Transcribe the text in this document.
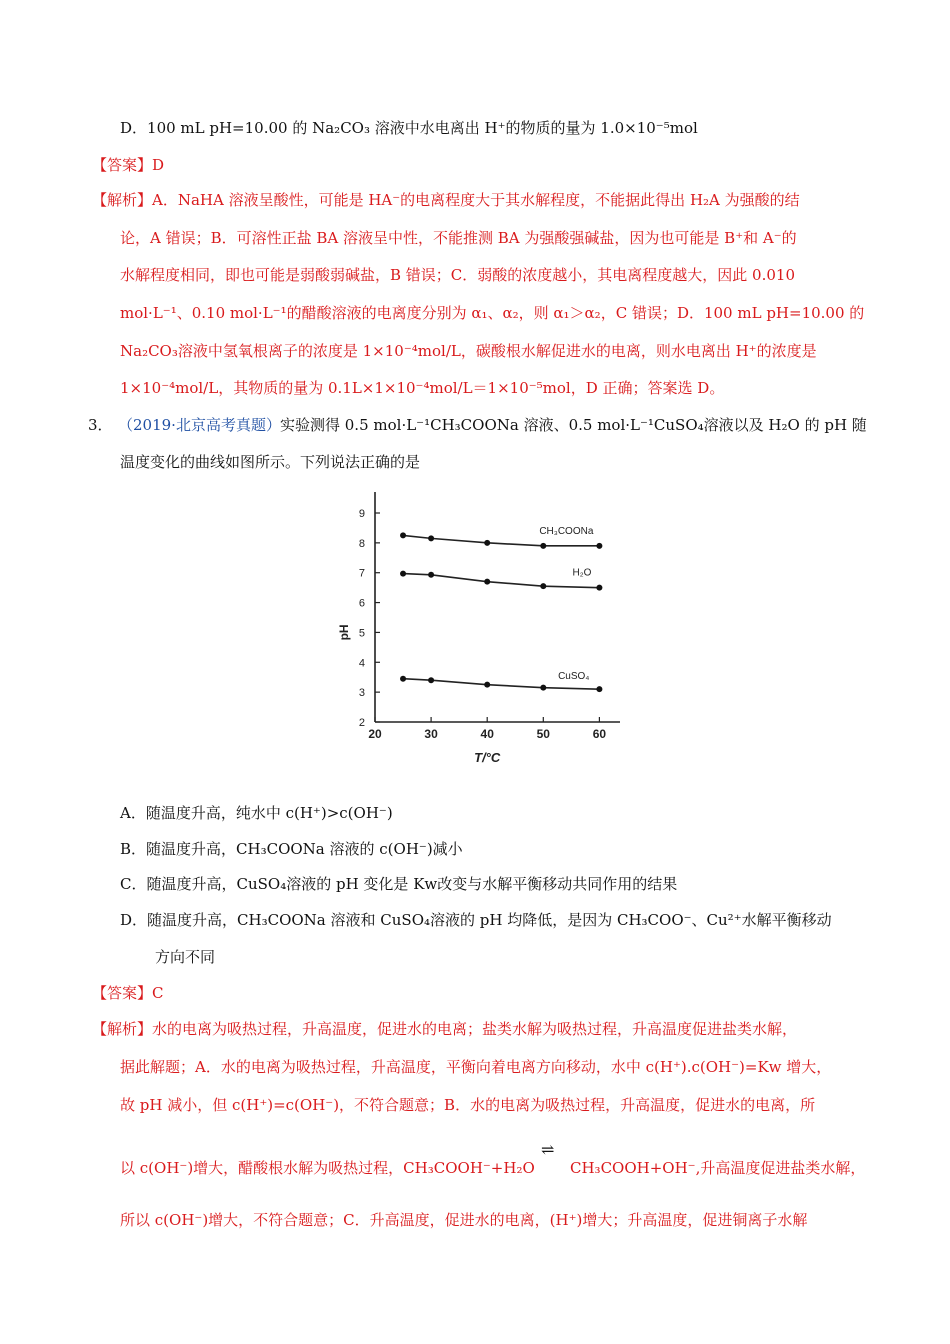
D．100 mL pH=10.00 的 Na₂CO₃ 溶液中水电离出 H⁺的物质的量为 1.0×10⁻⁵mol
【答案】D
【解析】A．NaHA 溶液呈酸性，可能是 HA⁻的电离程度大于其水解程度，不能据此得出 H₂A 为强酸的结
论，A 错误；B．可溶性正盐 BA 溶液呈中性，不能推测 BA 为强酸强碱盐，因为也可能是 B⁺和 A⁻的
水解程度相同，即也可能是弱酸弱碱盐，B 错误；C．弱酸的浓度越小，其电离程度越大，因此 0.010
mol·L⁻¹、0.10 mol·L⁻¹的醋酸溶液的电离度分别为 α₁、α₂，则 α₁＞α₂，C 错误；D．100 mL pH=10.00 的
Na₂CO₃溶液中氢氧根离子的浓度是 1×10⁻⁴mol/L，碳酸根水解促进水的电离，则水电离出 H⁺的浓度是
1×10⁻⁴mol/L，其物质的量为 0.1L×1×10⁻⁴mol/L＝1×10⁻⁵mol，D 正确；答案选 D。
3． （2019·北京高考真题） 实验测得 0.5 mol·L⁻¹CH₃COONa 溶液、0.5 mol·L⁻¹CuSO₄溶液以及 H₂O 的 pH 随
温度变化的曲线如图所示。下列说法正确的是
2
3
4
5
6
7
8
9
20	30	40	50	60
CH₃COONa
H₂O
CuSO₄
pH
T/°C
A．随温度升高，纯水中 c(H⁺)>c(OH⁻)
B．随温度升高，CH₃COONa 溶液的 c(OH⁻)减小
C．随温度升高，CuSO₄溶液的 pH 变化是 Kw改变与水解平衡移动共同作用的结果
D．随温度升高，CH₃COONa 溶液和 CuSO₄溶液的 pH 均降低，是因为 CH₃COO⁻、Cu²⁺水解平衡移动
方向不同
【答案】C
【解析】水的电离为吸热过程，升高温度，促进水的电离；盐类水解为吸热过程，升高温度促进盐类水解，
据此解题；A．水的电离为吸热过程，升高温度，平衡向着电离方向移动，水中 c(H⁺).c(OH⁻)=Kw 增大，
故 pH 减小，但 c(H⁺)=c(OH⁻)，不符合题意；B．水的电离为吸热过程，升高温度，促进水的电离，所
⇌
以 c(OH⁻)增大，醋酸根水解为吸热过程，CH₃COOH⁻+H₂O CH₃COOH+OH⁻,升高温度促进盐类水解，
所以 c(OH⁻)增大，不符合题意；C．升高温度，促进水的电离，(H⁺)增大；升高温度，促进铜离子水解
